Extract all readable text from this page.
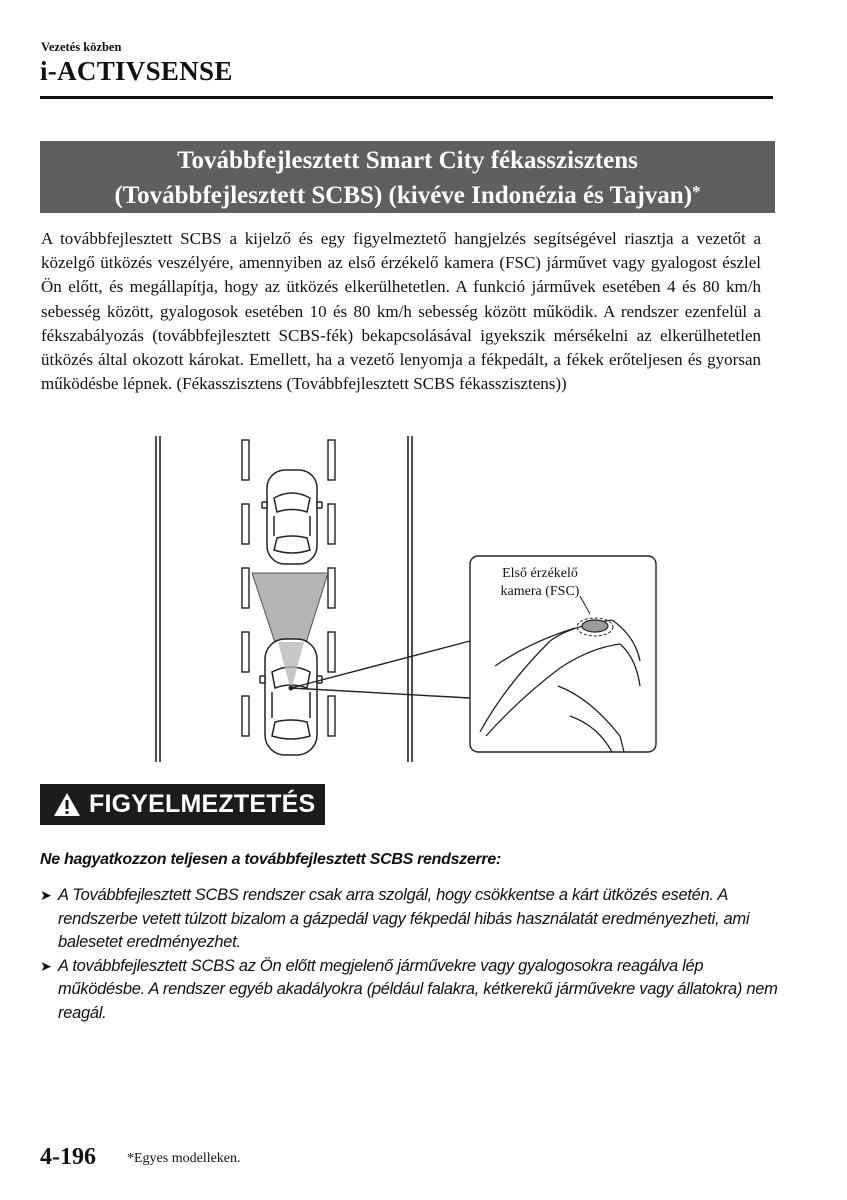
Vezetés közben
i-ACTIVSENSE
Továbbfejlesztett Smart City fékasszisztens
(Továbbfejlesztett SCBS) (kivéve Indonézia és Tajvan)*

A továbbfejlesztett SCBS a kijelző és egy figyelmeztető hangjelzés segítségével riasztja a vezetőt a közelgő ütközés veszélyére, amennyiben az első érzékelő kamera (FSC) járművet vagy gyalogost észlel Ön előtt, és megállapítja, hogy az ütközés elkerülhetetlen. A funkció járművek esetében 4 és 80 km/h sebesség között, gyalogosok esetében 10 és 80 km/h sebesség között működik. A rendszer ezenfelül a fékszabályozás (továbbfejlesztett SCBS-fék) bekapcsolásával igyekszik mérsékelni az elkerülhetetlen ütközés által okozott károkat. Emellett, ha a vezető lenyomja a fékpedált, a fékek erőteljesen és gyorsan működésbe lépnek. (Fékasszisztens (Továbbfejlesztett SCBS fékasszisztens))

Első érzékelő
kamera (FSC)
FIGYELMEZTETÉS
Ne hagyatkozzon teljesen a továbbfejlesztett SCBS rendszerre:
➤ A Továbbfejlesztett SCBS rendszer csak arra szolgál, hogy csökkentse a kárt ütközés esetén. A rendszerbe vetett túlzott bizalom a gázpedál vagy fékpedál hibás használatát eredményezheti, ami balesetet eredményezhet.
➤ A továbbfejlesztett SCBS az Ön előtt megjelenő járművekre vagy gyalogosokra reagálva lép működésbe. A rendszer egyéb akadályokra (például falakra, kétkerekű járművekre vagy állatokra) nem reagál.
4-196 *Egyes modelleken.
